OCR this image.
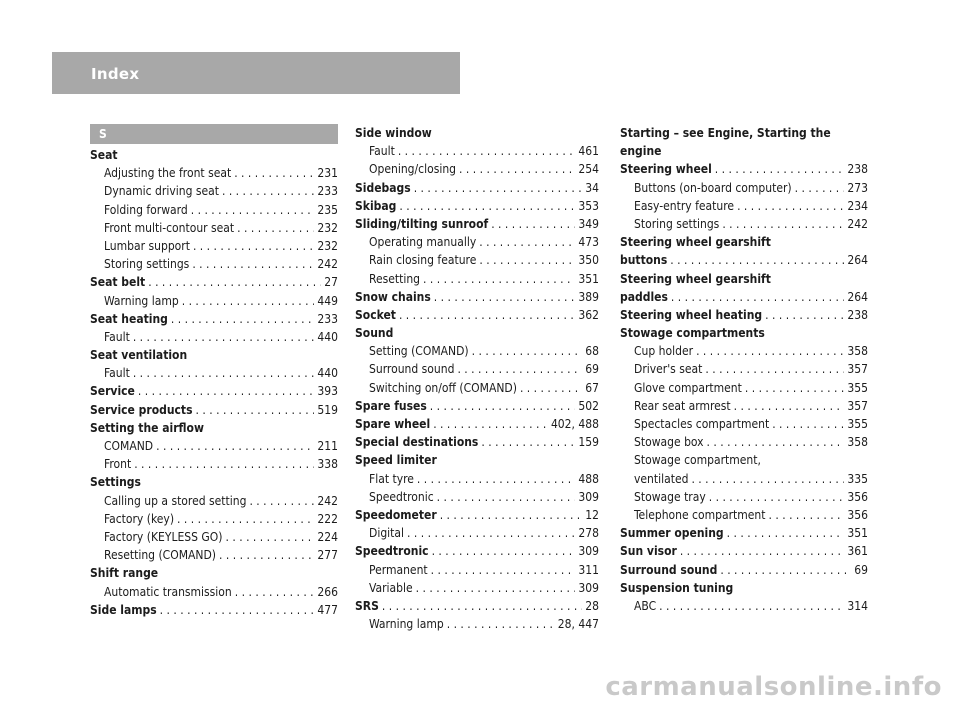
Index
S
Seat
Adjusting the front seat . . .	231
Dynamic driving seat . . .	233
Folding forward . . .	235
Front multi-contour seat . . .	232
Lumbar support . . .	232
Storing settings . . .	242
Seat belt . . .	27
Warning lamp . . .	449
Seat heating . . .	233
Fault . . .	440
Seat ventilation
Fault . . .	440
Service . . .	393
Service products . . .	519
Setting the airflow
COMAND . . .	211
Front . . .	338
Settings
Calling up a stored setting . . .	242
Factory (key) . . .	222
Factory (KEYLESS GO) . . .	224
Resetting (COMAND) . . .	277
Shift range
Automatic transmission . . .	266
Side lamps . . .	477
Side window
Fault . . .	461
Opening/closing . . .	254
Sidebags . . .	34
Skibag . . .	353
Sliding/tilting sunroof . . .	349
Operating manually . . .	473
Rain closing feature . . .	350
Resetting . . .	351
Snow chains . . .	389
Socket . . .	362
Sound
Setting (COMAND) . . .	68
Surround sound . . .	69
Switching on/off (COMAND) . . .	67
Spare fuses . . .	502
Spare wheel . . .	402, 488
Special destinations . . .	159
Speed limiter
Flat tyre . . .	488
Speedtronic . . .	309
Speedometer . . .	12
Digital . . .	278
Speedtronic . . .	309
Permanent . . .	311
Variable . . .	309
SRS . . .	28
Warning lamp . . .	28, 447
Starting – see Engine, Starting the
engine
Steering wheel . . .	238
Buttons (on-board computer) . . .	273
Easy-entry feature . . .	234
Storing settings . . .	242
Steering wheel gearshift
buttons . . .	264
Steering wheel gearshift
paddles . . .	264
Steering wheel heating . . .	238
Stowage compartments
Cup holder . . .	358
Driver's seat . . .	357
Glove compartment . . .	355
Rear seat armrest . . .	357
Spectacles compartment . . .	355
Stowage box . . .	358
Stowage compartment,
ventilated . . .	335
Stowage tray . . .	356
Telephone compartment . . .	356
Summer opening . . .	351
Sun visor . . .	361
Surround sound . . .	69
Suspension tuning
ABC . . .	314
carmanualsonline.info
